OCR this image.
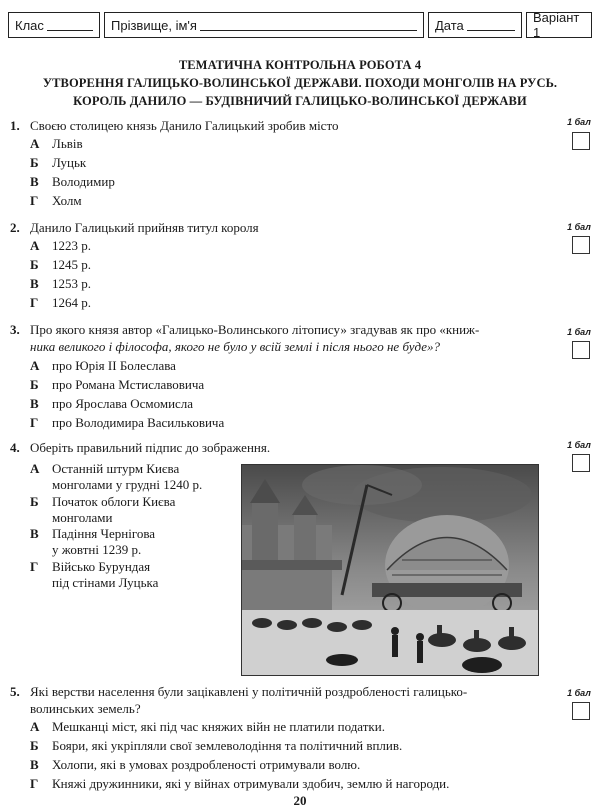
Клас	Прізвище, ім'я	Дата	Варіант 1
ТЕМАТИЧНА КОНТРОЛЬНА РОБОТА 4
УТВОРЕННЯ ГАЛИЦЬКО-ВОЛИНСЬКОЇ ДЕРЖАВИ. ПОХОДИ МОНГОЛІВ НА РУСЬ.
КОРОЛЬ ДАНИЛО — БУДІВНИЧИЙ ГАЛИЦЬКО-ВОЛИНСЬКОЇ ДЕРЖАВИ
1. Своєю столицею князь Данило Галицький зробив місто
А Львів
Б Луцьк
В Володимир
Г Холм
1 бал
2. Данило Галицький прийняв титул короля
А 1223 р.
Б 1245 р.
В 1253 р.
Г 1264 р.
1 бал
3. Про якого князя автор «Галицько-Волинського літопису» згадував як про «книж-
ника великого і філософа, якого не було у всій землі і після нього не буде»?
А про Юрія II Болеслава
Б про Романа Мстиславовича
В про Ярослава Осмомисла
Г про Володимира Васильковича
1 бал
4. Оберіть правильний підпис до зображення.
А Останній штурм Києва
монголами у грудні 1240 р.
Б Початок облоги Києва
монголами
В Падіння Чернігова
у жовтні 1239 р.
Г Військо Бурундая
під стінами Луцька
1 бал
5. Які верстви населення були зацікавлені у політичній роздробленості галицько-
волинських земель?
А Мешканці міст, які під час княжих війн не платили податки.
Б Бояри, які укріпляли свої землеволодіння та політичний вплив.
В Холопи, які в умовах роздробленості отримували волю.
Г Княжі дружинники, які у війнах отримували здобич, землю й нагороди.
1 бал
20
